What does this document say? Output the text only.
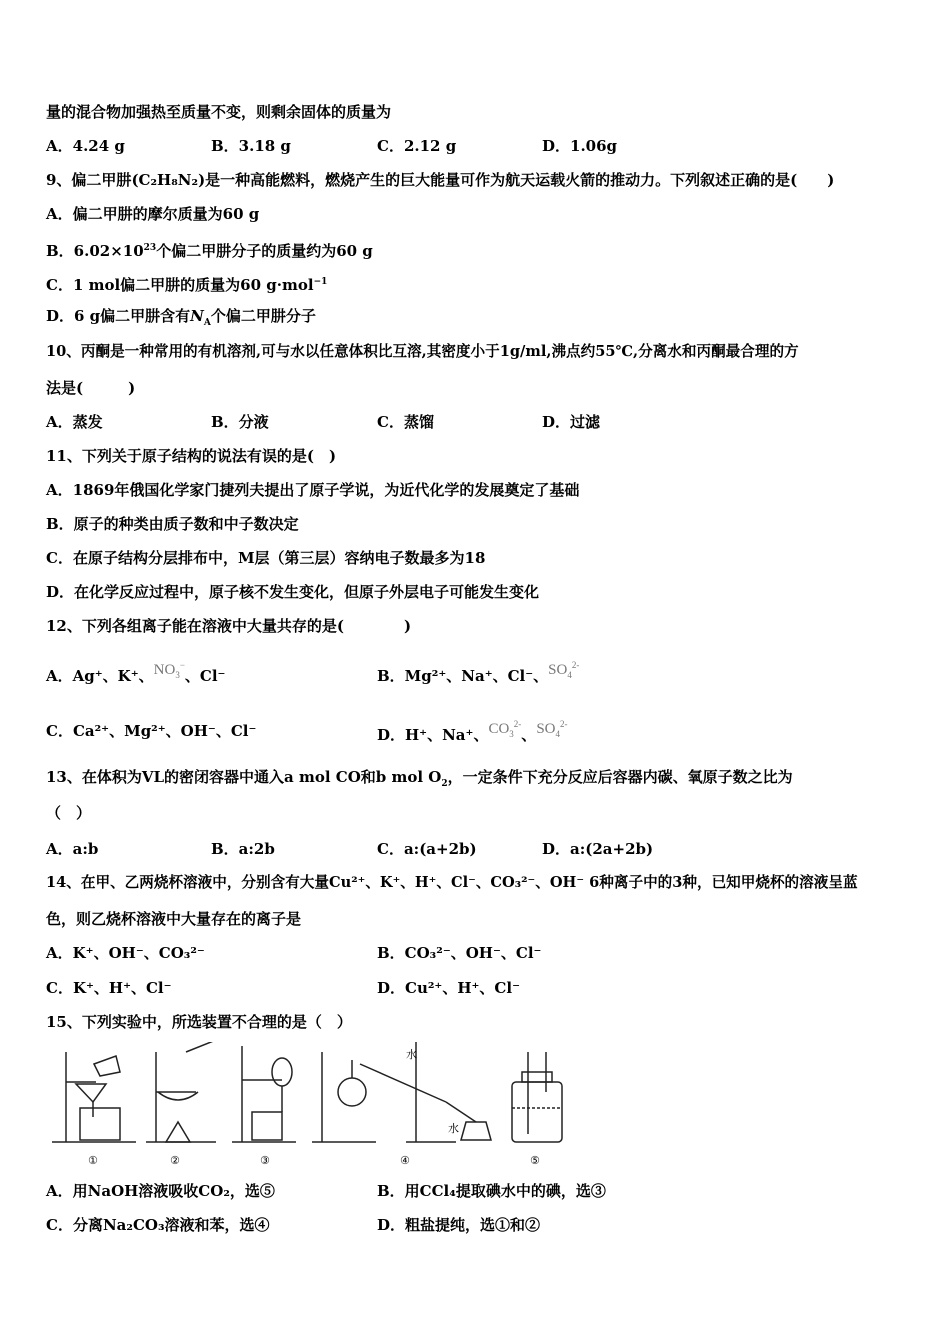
量的混合物加强热至质量不变，则剩余固体的质量为
A．4.24 g	B．3.18 g	C．2.12 g	D．1.06g
9、偏二甲肼(C₂H₈N₂)是一种高能燃料，燃烧产生的巨大能量可作为航天运载火箭的推动力。下列叙述正确的是(　　)
A．偏二甲肼的摩尔质量为60 g
B．$6.02\times 10^{23}$个偏二甲肼分子的质量约为60 g
C．1 mol偏二甲肼的质量为60 g·mol$^{-1}$
D．6 g偏二甲肼含有$N_A$个偏二甲肼分子
10、丙酮是一种常用的有机溶剂,可与水以任意体积比互溶,其密度小于1g/ml,沸点约55℃,分离水和丙酮最合理的方
法是(　　　)
A．蒸发	B．分液	C．蒸馏	D．过滤
11、下列关于原子结构的说法有误的是(　)
A．1869年俄国化学家门捷列夫提出了原子学说，为近代化学的发展奠定了基础
B．原子的种类由质子数和中子数决定
C．在原子结构分层排布中，M层（第三层）容纳电子数最多为18
D．在化学反应过程中，原子核不发生变化，但原子外层电子可能发生变化
12、下列各组离子能在溶液中大量共存的是(　　　　)
A．Ag⁺、K⁺、$NO_3^-$、Cl⁻	B．Mg²⁺、Na⁺、Cl⁻、$SO_4^{2-}$
C．Ca²⁺、Mg²⁺、OH⁻、Cl⁻	D．H⁺、Na⁺、$CO_3^{2-}$、$SO_4^{2-}$
13、在体积为VL的密闭容器中通入a mol CO和b mol $O_2$，一定条件下充分反应后容器内碳、氧原子数之比为
（　）
A．a:b	B．a:2b	C．a:(a+2b)	D．a:(2a+2b)
14、在甲、乙两烧杯溶液中，分别含有大量Cu²⁺、K⁺、H⁺、Cl⁻、CO₃²⁻、OH⁻ 6种离子中的3种，已知甲烧杯的溶液呈蓝
色，则乙烧杯溶液中大量存在的离子是
A．K⁺、OH⁻、CO₃²⁻	B．CO₃²⁻、OH⁻、Cl⁻
C．K⁺、H⁺、Cl⁻	D．Cu²⁺、H⁺、Cl⁻
15、下列实验中，所选装置不合理的是（　）
①	②	③	④	⑤
水
水
A．用NaOH溶液吸收CO₂，选⑤	B．用CCl₄提取碘水中的碘，选③
C．分离Na₂CO₃溶液和苯，选④	D．粗盐提纯，选①和②
